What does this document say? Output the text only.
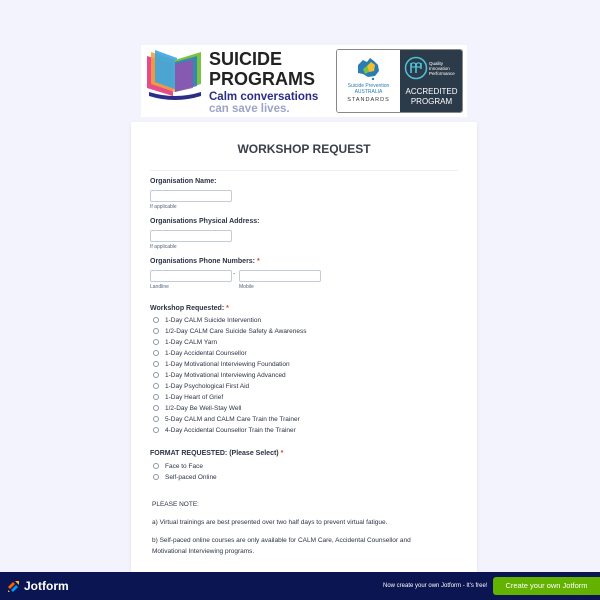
SUICIDE
PROGRAMS
Calm conversations
can save lives.
Suicide Prevention AUSTRALIA
STANDARDS
Quality Innovation Performance
ACCREDITED
PROGRAM
WORKSHOP REQUEST
Organisation Name:
If applicable
Organisations Physical Address:
If applicable
Organisations Phone Numbers: *
-
Landline	Mobile
Workshop Requested: *
1-Day CALM Suicide Intervention
1/2-Day CALM Care Suicide Safety & Awareness
1-Day CALM Yarn
1-Day Accidental Counsellor
1-Day Motivational Interviewing Foundation
1-Day Motivational Interviewing Advanced
1-Day Psychological First Aid
1-Day Heart of Grief
1/2-Day Be Well-Stay Well
5-Day CALM and CALM Care Train the Trainer
4-Day Accidental Counsellor Train the Trainer
FORMAT REQUESTED: (Please Select) *
Face to Face
Self-paced Online
PLEASE NOTE:
a) Virtual trainings are best presented over two half days to prevent virtual fatigue.
b) Self-paced online courses are only available for CALM Care, Accidental Counsellor and Motivational Interviewing programs.
Jotform	Now create your own Jotform - It's free!	Create your own Jotform
